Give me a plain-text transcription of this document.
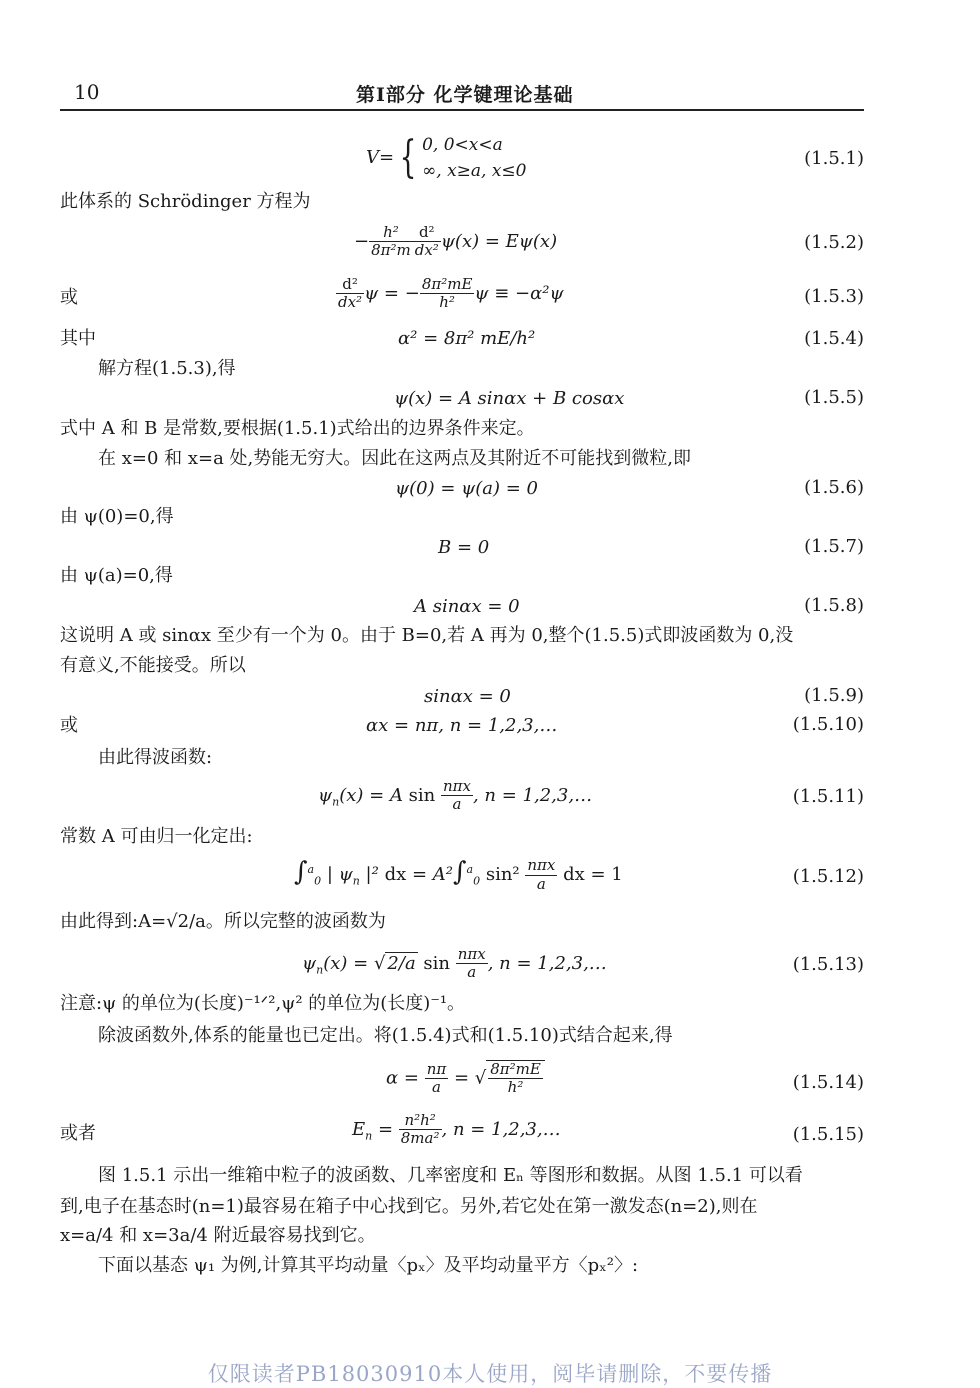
10	第Ⅰ部分 化学键理论基础
V= { 0, 0<x<a
∞, x≥a, x≤0
(1.5.1)
此体系的 Schrödinger 方程为
− $\frac{\text{h²}}{\text{8π²m}} \frac{\text{d²}}{\text{dx²}} \psi(x) = E\psi(x)$	(1.5.2)
或	$\frac{\text{d²}}{\text{dx²}}$ ψ = − $\frac{\text{8π²mE}}{\text{h²}}$ ψ ≡ −α²ψ	(1.5.3)
其中	α² = 8π² mE/h²	(1.5.4)
解方程(1.5.3),得
ψ(x) = A sinαx + B cosαx	(1.5.5)
式中 A 和 B 是常数,要根据(1.5.1)式给出的边界条件来定。
在 x=0 和 x=a 处,势能无穷大。因此在这两点及其附近不可能找到微粒,即
ψ(0) = ψ(a) = 0	(1.5.6)
由 ψ(0)=0,得
B = 0	(1.5.7)
由 ψ(a)=0,得
A sinαx = 0	(1.5.8)
这说明 A 或 sinαx 至少有一个为 0。由于 B=0,若 A 再为 0,整个(1.5.5)式即波函数为 0,没
有意义,不能接受。所以
sinαx = 0	(1.5.9)
或	αx = nπ, n = 1,2,3,…	(1.5.10)
由此得波函数:
$\psi_n(x) = A$ $\sin \frac{\text{nπx}}{a}$ , n = 1,2,3,…	(1.5.11)
常数 A 可由归一化定出:
∫$^a_0$ | $\psi_n$ |² dx = A²∫$^a_0$ $\sin^2 \frac{\text{nπx}}{a}$ dx = 1	(1.5.12)
由此得到:A=√2/a。所以完整的波函数为
$\psi_n(x)$ = √ 2/a $\sin \frac{\text{nπx}}{a}$ , n = 1,2,3,…	(1.5.13)
注意:ψ 的单位为(长度)⁻¹ᐟ²,ψ² 的单位为(长度)⁻¹。
除波函数外,体系的能量也已定出。将(1.5.4)式和(1.5.10)式结合起来,得
$\alpha = \frac{n\pi}{a}$ = √ $\frac{\text{8π²mE}}{\text{h²}}$	(1.5.14)
或者	$E_n = \frac{\text{n²h²}}{\text{8ma²}}$ , n = 1,2,3,…	(1.5.15)
图 1.5.1 示出一维箱中粒子的波函数、几率密度和 Eₙ 等图形和数据。从图 1.5.1 可以看
到,电子在基态时(n=1)最容易在箱子中心找到它。另外,若它处在第一激发态(n=2),则在
x=a/4 和 x=3a/4 附近最容易找到它。
下面以基态 ψ₁ 为例,计算其平均动量〈pₓ〉及平均动量平方〈pₓ²〉:
仅限读者PB18030910本人使用，阅毕请删除，不要传播
